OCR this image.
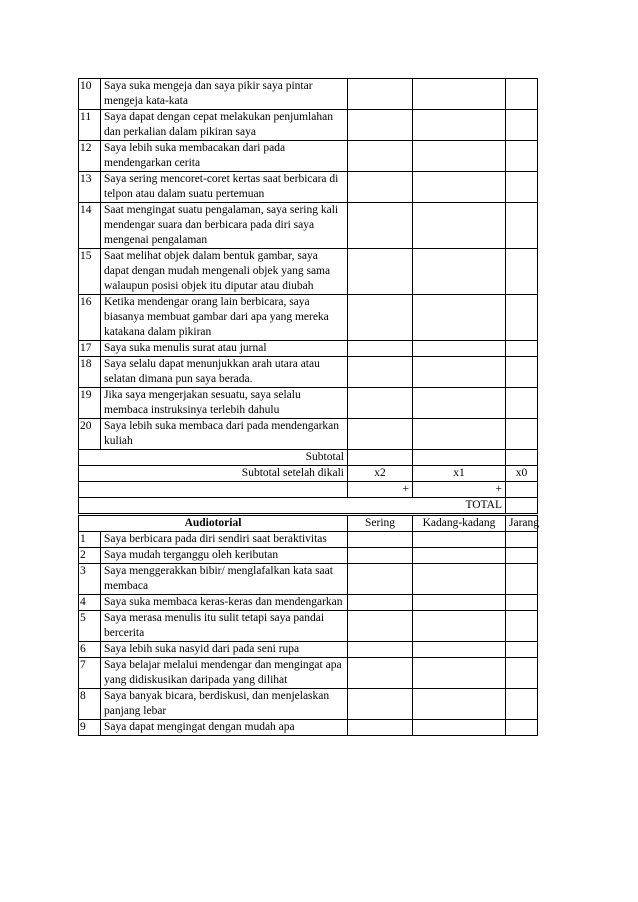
10	Saya suka mengeja dan saya pikir saya pintar mengeja kata-kata			
11	Saya dapat dengan cepat melakukan penjumlahan dan perkalian dalam pikiran saya			
12	Saya lebih suka membacakan dari pada mendengarkan cerita			
13	Saya sering mencoret-coret kertas saat berbicara di telpon atau dalam suatu pertemuan			
14	Saat mengingat suatu pengalaman, saya sering kali mendengar suara dan berbicara pada diri saya mengenai pengalaman			
15	Saat melihat objek dalam bentuk gambar, saya dapat dengan mudah mengenali objek yang sama walaupun posisi objek itu diputar atau diubah			
16	Ketika mendengar orang lain berbicara, saya biasanya membuat gambar dari apa yang mereka katakana dalam pikiran			
17	Saya suka menulis surat atau jurnal			
18	Saya selalu dapat menunjukkan arah utara atau selatan dimana pun saya berada.			
19	Jika saya mengerjakan sesuatu, saya selalu membaca instruksinya terlebih dahulu			
20	Saya lebih suka membaca dari pada mendengarkan kuliah			
Subtotal				
Subtotal setelah dikali		x2	x1	x0
		+	+	
TOTAL				
Audiotorial		Sering	Kadang-kadang	Jarang
1	Saya berbicara pada diri sendiri saat beraktivitas			
2	Saya mudah terganggu oleh keributan			
3	Saya menggerakkan bibir/ menglafalkan kata saat membaca			
4	Saya suka membaca keras-keras dan mendengarkan			
5	Saya merasa menulis itu sulit tetapi saya pandai bercerita			
6	Saya lebih suka nasyid dari pada seni rupa			
7	Saya belajar melalui mendengar dan mengingat apa yang didiskusikan daripada yang dilihat			
8	Saya banyak bicara, berdiskusi, dan menjelaskan panjang lebar			
9	Saya dapat mengingat dengan mudah apa			
